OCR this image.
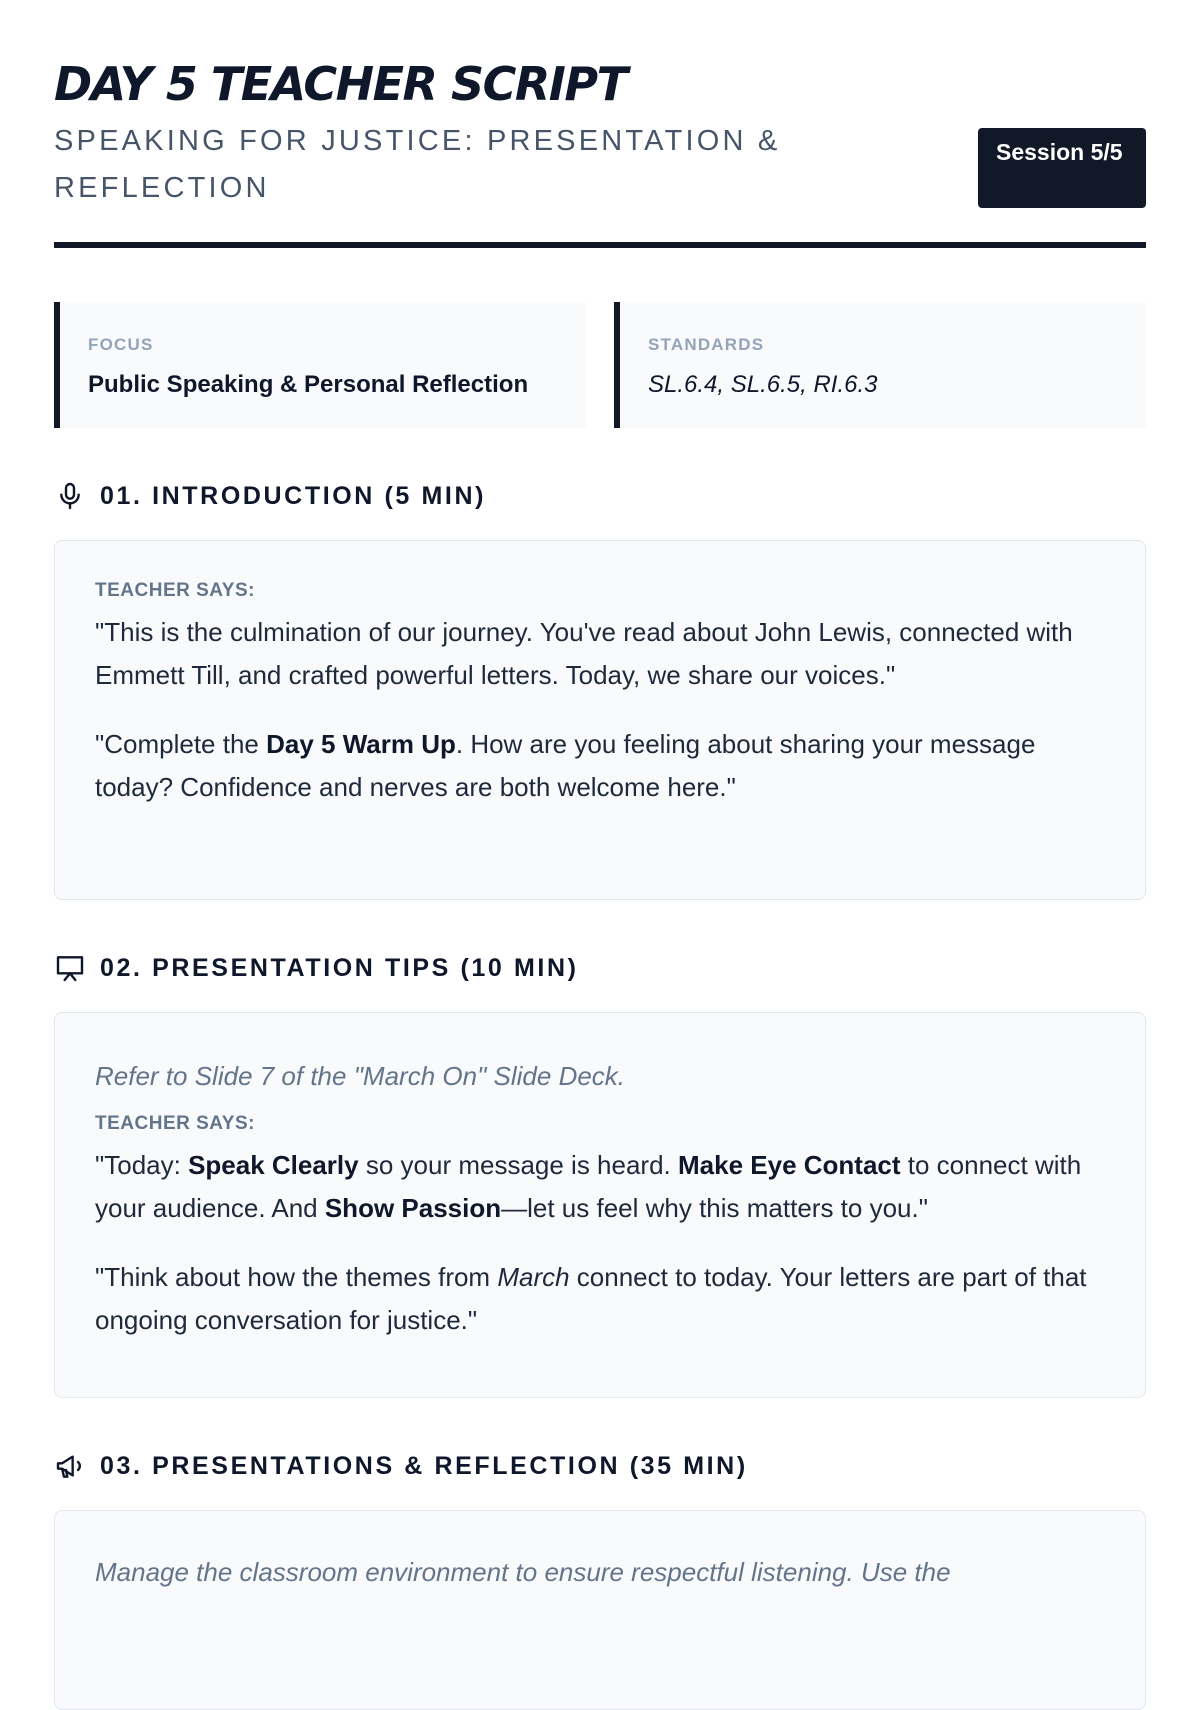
DAY 5 TEACHER SCRIPT
SPEAKING FOR JUSTICE: PRESENTATION & REFLECTION
Session 5/5
FOCUS
Public Speaking & Personal Reflection
STANDARDS
SL.6.4, SL.6.5, RI.6.3
01. INTRODUCTION (5 MIN)
TEACHER SAYS:

"This is the culmination of our journey. You've read about John Lewis, connected with Emmett Till, and crafted powerful letters. Today, we share our voices."

"Complete the Day 5 Warm Up. How are you feeling about sharing your message today? Confidence and nerves are both welcome here."

02. PRESENTATION TIPS (10 MIN)

Refer to Slide 7 of the "March On" Slide Deck.

TEACHER SAYS:

"Today: Speak Clearly so your message is heard. Make Eye Contact to connect with your audience. And Show Passion—let us feel why this matters to you."

"Think about how the themes from March connect to today. Your letters are part of that ongoing conversation for justice."

03. PRESENTATIONS & REFLECTION (35 MIN)

Manage the classroom environment to ensure respectful listening. Use the
